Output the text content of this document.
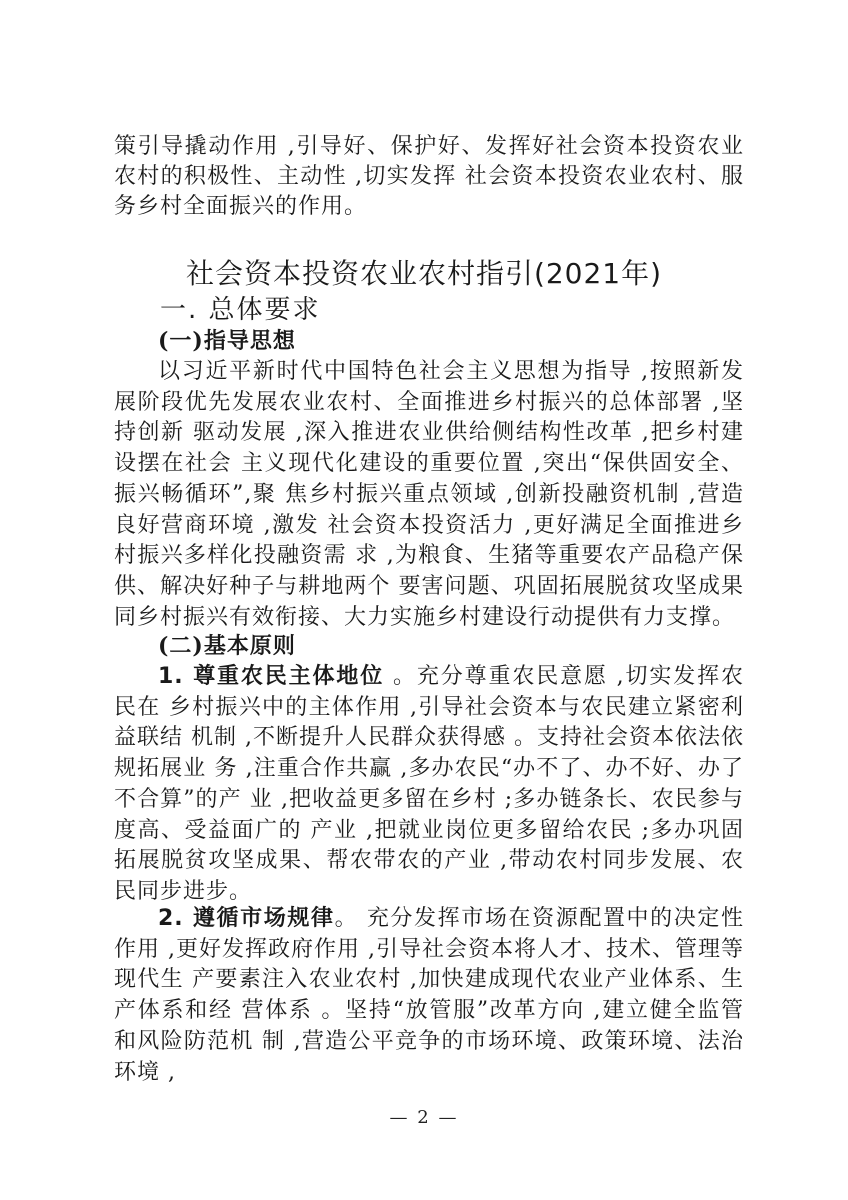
策引导撬动作用 ,引导好、保护好、发挥好社会资本投资农业农村的积极性、主动性 ,切实发挥 社会资本投资农业农村、服务乡村全面振兴的作用。

社会资本投资农业农村指引(2021年)
一. 总体要求
(一)指导思想

以习近平新时代中国特色社会主义思想为指导 ,按照新发展阶段优先发展农业农村、全面推进乡村振兴的总体部署 ,坚持创新 驱动发展 ,深入推进农业供给侧结构性改革 ,把乡村建设摆在社会 主义现代化建设的重要位置 ,突出“保供固安全、振兴畅循环”,聚 焦乡村振兴重点领域 ,创新投融资机制 ,营造良好营商环境 ,激发 社会资本投资活力 ,更好满足全面推进乡村振兴多样化投融资需 求 ,为粮食、生猪等重要农产品稳产保供、解决好种子与耕地两个 要害问题、巩固拓展脱贫攻坚成果同乡村振兴有效衔接、大力实施乡村建设行动提供有力支撑。

(二)基本原则

1. 尊重农民主体地位 。充分尊重农民意愿 ,切实发挥农民在 乡村振兴中的主体作用 ,引导社会资本与农民建立紧密利益联结 机制 ,不断提升人民群众获得感 。支持社会资本依法依规拓展业 务 ,注重合作共赢 ,多办农民“办不了、办不好、办了不合算”的产 业 ,把收益更多留在乡村 ;多办链条长、农民参与度高、受益面广的 产业 ,把就业岗位更多留给农民 ;多办巩固拓展脱贫攻坚成果、帮农带农的产业 ,带动农村同步发展、农民同步进步。

2. 遵循市场规律。 充分发挥市场在资源配置中的决定性作用 ,更好发挥政府作用 ,引导社会资本将人才、技术、管理等现代生 产要素注入农业农村 ,加快建成现代农业产业体系、生产体系和经 营体系 。坚持“放管服”改革方向 ,建立健全监管和风险防范机 制 ,营造公平竞争的市场环境、政策环境、法治环境 ,

— 2 —
